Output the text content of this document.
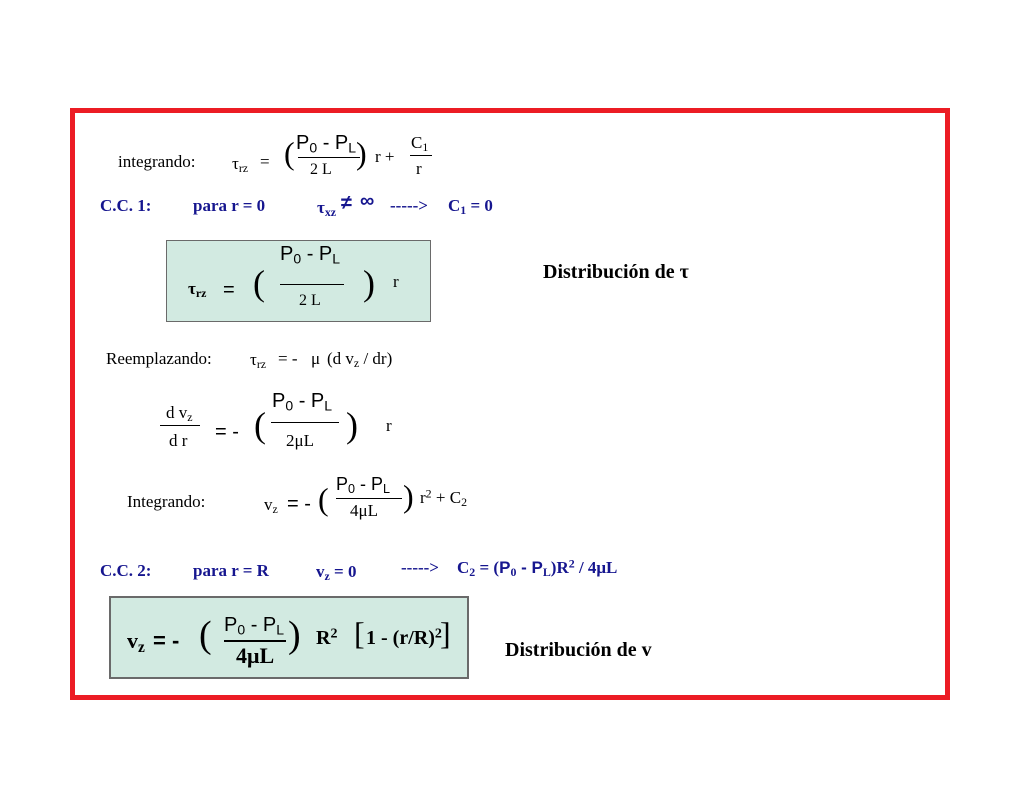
integrando: $\tau_{rz}$ = ( $P_0 - P_L$
2 L ) r +
$C_1$
r
C.C. 1: para r = 0	$\tau_{xz}$ ≠ ∞ -----> $C_1 = 0$
$\tau_{rz}$ = (
$P_0 - P_L$
2 L ) r	Distribución de τ
Reemplazando: $\tau_{rz}$ = - μ (d $v_z / dr$)
d $v_z$
d r = - (
$P_0 - P_L$
2μL ) r
Integrando:	$v_z$ = - ( $P_0 - P_L$
4μL ) $r^2 + C_2$
C.C. 2: para r = R	$v_z = 0$	-----> $C_2 = (P_0 - P_L)R^2 / 4\mu L$
$v_z$ = - ( $P_0 - P_L$
4μL ) $R^2$ [ $1 - (r/R)^2$
]	Distribución de v
